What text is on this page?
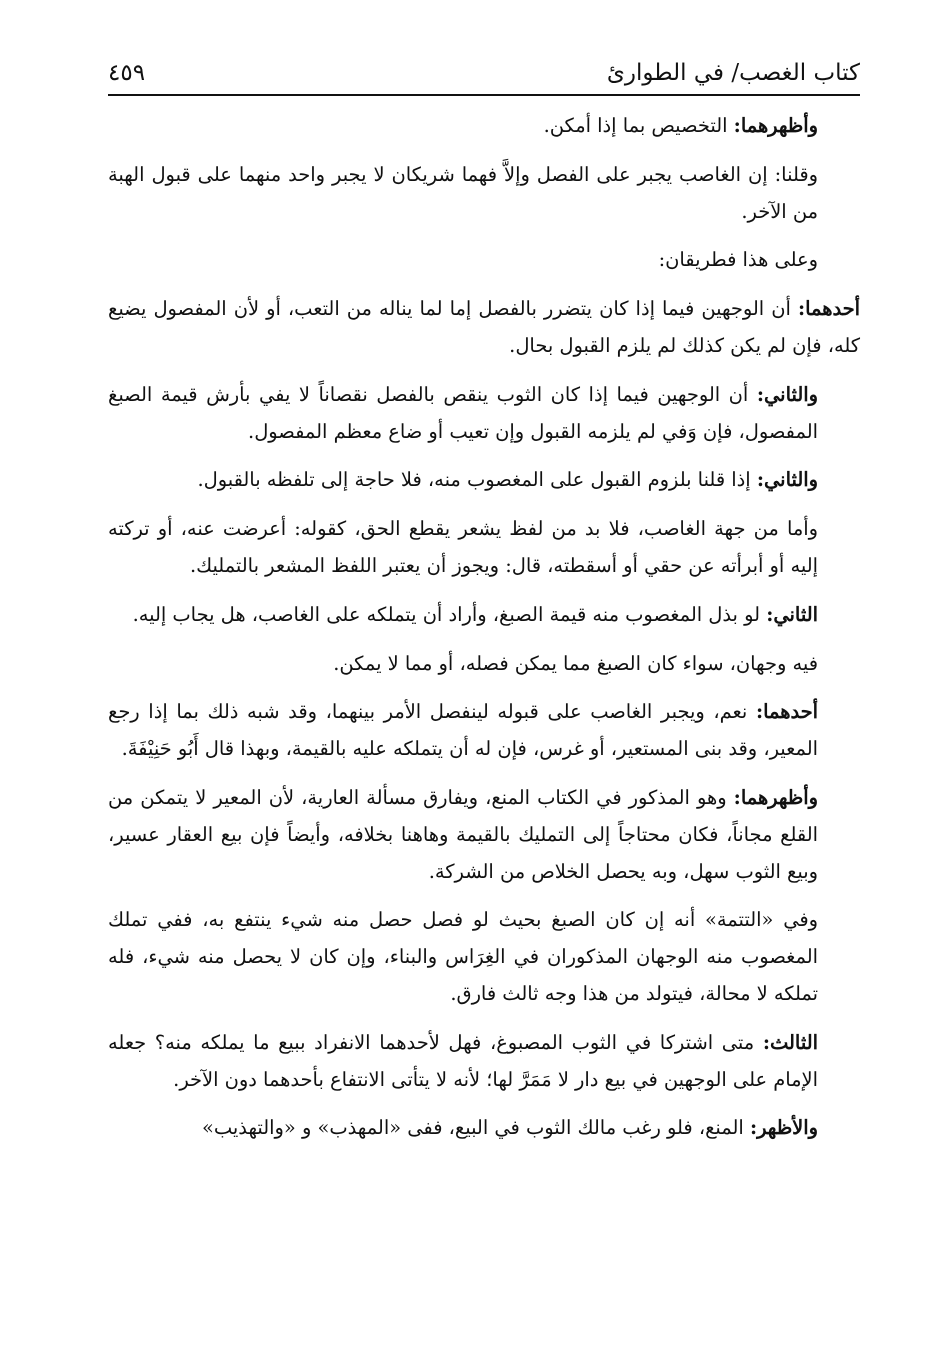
كتاب الغصب/ في الطوارئ
٤٥٩

وأظهرهما: التخصيص بما إذا أمكن.

وقلنا: إن الغاصب يجبر على الفصل وإلاَّ فهما شريكان لا يجبر واحد منهما على قبول الهبة من الآخر.

وعلى هذا فطريقان:

أحدهما: أن الوجهين فيما إذا كان يتضرر بالفصل إما لما يناله من التعب، أو لأن المفصول يضيع كله، فإن لم يكن كذلك لم يلزم القبول بحال.

والثاني: أن الوجهين فيما إذا كان الثوب ينقص بالفصل نقصاناً لا يفي بأرش قيمة الصبغ المفصول، فإن وَفي لم يلزمه القبول وإن تعيب أو ضاع معظم المفصول.

والثاني: إذا قلنا بلزوم القبول على المغصوب منه، فلا حاجة إلى تلفظه بالقبول.

وأما من جهة الغاصب، فلا بد من لفظ يشعر يقطع الحق، كقوله: أعرضت عنه، أو تركته إليه أو أبرأته عن حقي أو أسقطته، قال: ويجوز أن يعتبر اللفظ المشعر بالتمليك.

الثاني: لو بذل المغصوب منه قيمة الصبغ، وأراد أن يتملكه على الغاصب، هل يجاب إليه.

فيه وجهان، سواء كان الصبغ مما يمكن فصله، أو مما لا يمكن.

أحدهما: نعم، ويجبر الغاصب على قبوله لينفصل الأمر بينهما، وقد شبه ذلك بما إذا رجع المعير، وقد بنى المستعير، أو غرس، فإن له أن يتملكه عليه بالقيمة، وبهذا قال أَبُو حَنِيْفَةَ.

وأظهرهما: وهو المذكور في الكتاب المنع، ويفارق مسألة العارية، لأن المعير لا يتمكن من القلع مجاناً، فكان محتاجاً إلى التمليك بالقيمة وهاهنا بخلافه، وأيضاً فإن بيع العقار عسير، وبيع الثوب سهل، وبه يحصل الخلاص من الشركة.

وفي «التتمة» أنه إن كان الصبغ بحيث لو فصل حصل منه شيء ينتفع به، ففي تملك المغصوب منه الوجهان المذكوران في الغِرَاس والبناء، وإن كان لا يحصل منه شيء، فله تملكه لا محالة، فيتولد من هذا وجه ثالث فارق.

الثالث: متى اشتركا في الثوب المصبوغ، فهل لأحدهما الانفراد ببيع ما يملكه منه؟ جعله الإمام على الوجهين في بيع دار لا مَمَرَّ لها؛ لأنه لا يتأتى الانتفاع بأحدهما دون الآخر.

والأظهر: المنع، فلو رغب مالك الثوب في البيع، ففى «المهذب» و «والتهذيب»
